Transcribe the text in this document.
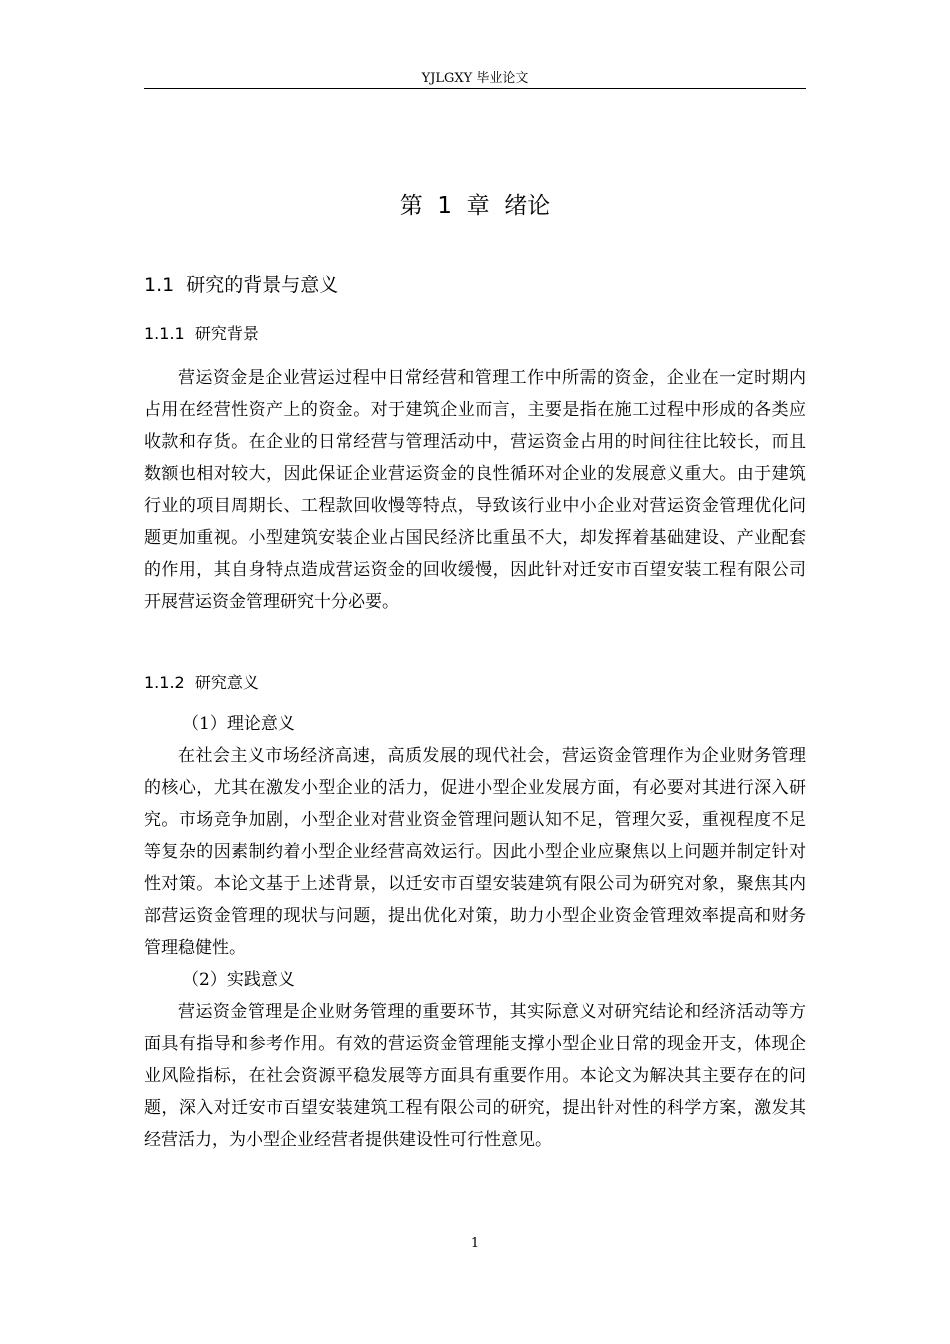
YJLGXY 毕业论文
第  1  章  绪论
1.1  研究的背景与意义
1.1.1  研究背景

营运资金是企业营运过程中日常经营和管理工作中所需的资金，企业在一定时期内占用在经营性资产上的资金。对于建筑企业而言，主要是指在施工过程中形成的各类应收款和存货。在企业的日常经营与管理活动中，营运资金占用的时间往往比较长，而且数额也相对较大，因此保证企业营运资金的良性循环对企业的发展意义重大。由于建筑行业的项目周期长、工程款回收慢等特点，导致该行业中小企业对营运资金管理优化问题更加重视。小型建筑安装企业占国民经济比重虽不大，却发挥着基础建设、产业配套的作用，其自身特点造成营运资金的回收缓慢，因此针对迁安市百望安装工程有限公司开展营运资金管理研究十分必要。

1.1.2  研究意义
（1）理论意义

在社会主义市场经济高速，高质发展的现代社会，营运资金管理作为企业财务管理的核心，尤其在激发小型企业的活力，促进小型企业发展方面，有必要对其进行深入研究。市场竞争加剧，小型企业对营业资金管理问题认知不足，管理欠妥，重视程度不足等复杂的因素制约着小型企业经营高效运行。因此小型企业应聚焦以上问题并制定针对性对策。本论文基于上述背景，以迁安市百望安装建筑有限公司为研究对象，聚焦其内部营运资金管理的现状与问题，提出优化对策，助力小型企业资金管理效率提高和财务管理稳健性。

（2）实践意义

营运资金管理是企业财务管理的重要环节，其实际意义对研究结论和经济活动等方面具有指导和参考作用。有效的营运资金管理能支撑小型企业日常的现金开支，体现企业风险指标，在社会资源平稳发展等方面具有重要作用。本论文为解决其主要存在的问题，深入对迁安市百望安装建筑工程有限公司的研究，提出针对性的科学方案，激发其经营活力，为小型企业经营者提供建设性可行性意见。

1
